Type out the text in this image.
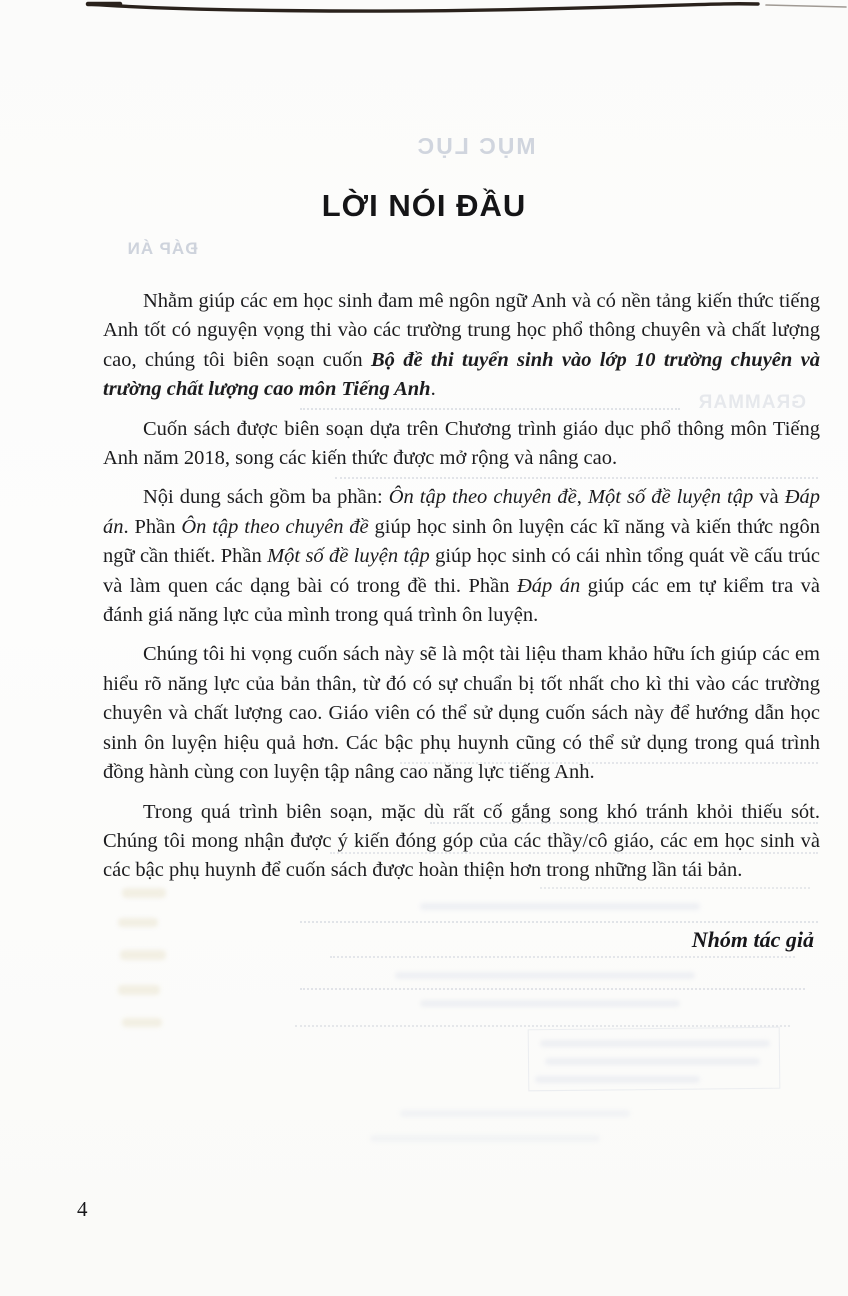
MỤC LỤC
ĐÁP ÁN
GRAMMAR
LỜI NÓI ĐẦU

Nhằm giúp các em học sinh đam mê ngôn ngữ Anh và có nền tảng kiến thức tiếng Anh tốt có nguyện vọng thi vào các trường trung học phổ thông chuyên và chất lượng cao, chúng tôi biên soạn cuốn Bộ đề thi tuyển sinh vào lớp 10 trường chuyên và trường chất lượng cao môn Tiếng Anh.

Cuốn sách được biên soạn dựa trên Chương trình giáo dục phổ thông môn Tiếng Anh năm 2018, song các kiến thức được mở rộng và nâng cao.

Nội dung sách gồm ba phần: Ôn tập theo chuyên đề, Một số đề luyện tập và Đáp án. Phần Ôn tập theo chuyên đề giúp học sinh ôn luyện các kĩ năng và kiến thức ngôn ngữ cần thiết. Phần Một số đề luyện tập giúp học sinh có cái nhìn tổng quát về cấu trúc và làm quen các dạng bài có trong đề thi. Phần Đáp án giúp các em tự kiểm tra và đánh giá năng lực của mình trong quá trình ôn luyện.

Chúng tôi hi vọng cuốn sách này sẽ là một tài liệu tham khảo hữu ích giúp các em hiểu rõ năng lực của bản thân, từ đó có sự chuẩn bị tốt nhất cho kì thi vào các trường chuyên và chất lượng cao. Giáo viên có thể sử dụng cuốn sách này để hướng dẫn học sinh ôn luyện hiệu quả hơn. Các bậc phụ huynh cũng có thể sử dụng trong quá trình đồng hành cùng con luyện tập nâng cao năng lực tiếng Anh.

Trong quá trình biên soạn, mặc dù rất cố gắng song khó tránh khỏi thiếu sót. Chúng tôi mong nhận được ý kiến đóng góp của các thầy/cô giáo, các em học sinh và các bậc phụ huynh để cuốn sách được hoàn thiện hơn trong những lần tái bản.

Nhóm tác giả
4
